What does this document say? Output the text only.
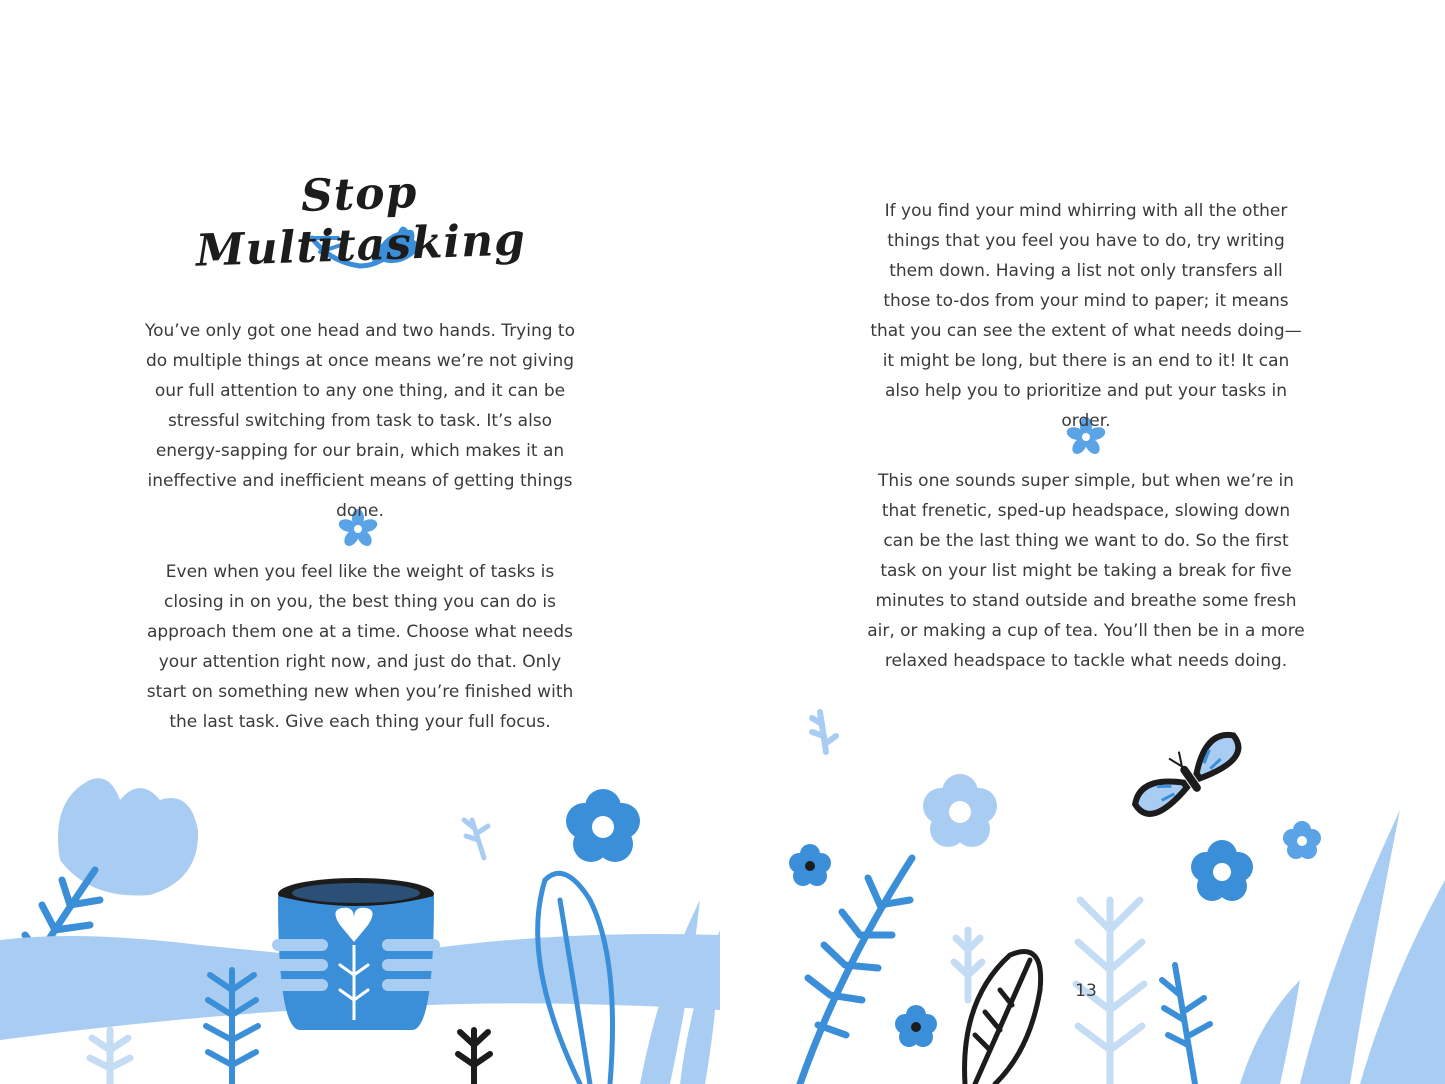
Stop Multitasking

You’ve only got one head and two hands. Trying to do multiple things at once means we’re not giving our full attention to any one thing, and it can be stressful switching from task to task. It’s also energy-sapping for our brain, which makes it an ineffective and inefficient means of getting things done.

Even when you feel like the weight of tasks is closing in on you, the best thing you can do is approach them one at a time. Choose what needs your attention right now, and just do that. Only start on something new when you’re finished with the last task. Give each thing your full focus.

If you find your mind whirring with all the other things that you feel you have to do, try writing them down. Having a list not only transfers all those to-dos from your mind to paper; it means that you can see the extent of what needs doing—it might be long, but there is an end to it! It can also help you to prioritize and put your tasks in order.

This one sounds super simple, but when we’re in that frenetic, sped-up headspace, slowing down can be the last thing we want to do. So the first task on your list might be taking a break for five minutes to stand outside and breathe some fresh air, or making a cup of tea. You’ll then be in a more relaxed headspace to tackle what needs doing.

13
